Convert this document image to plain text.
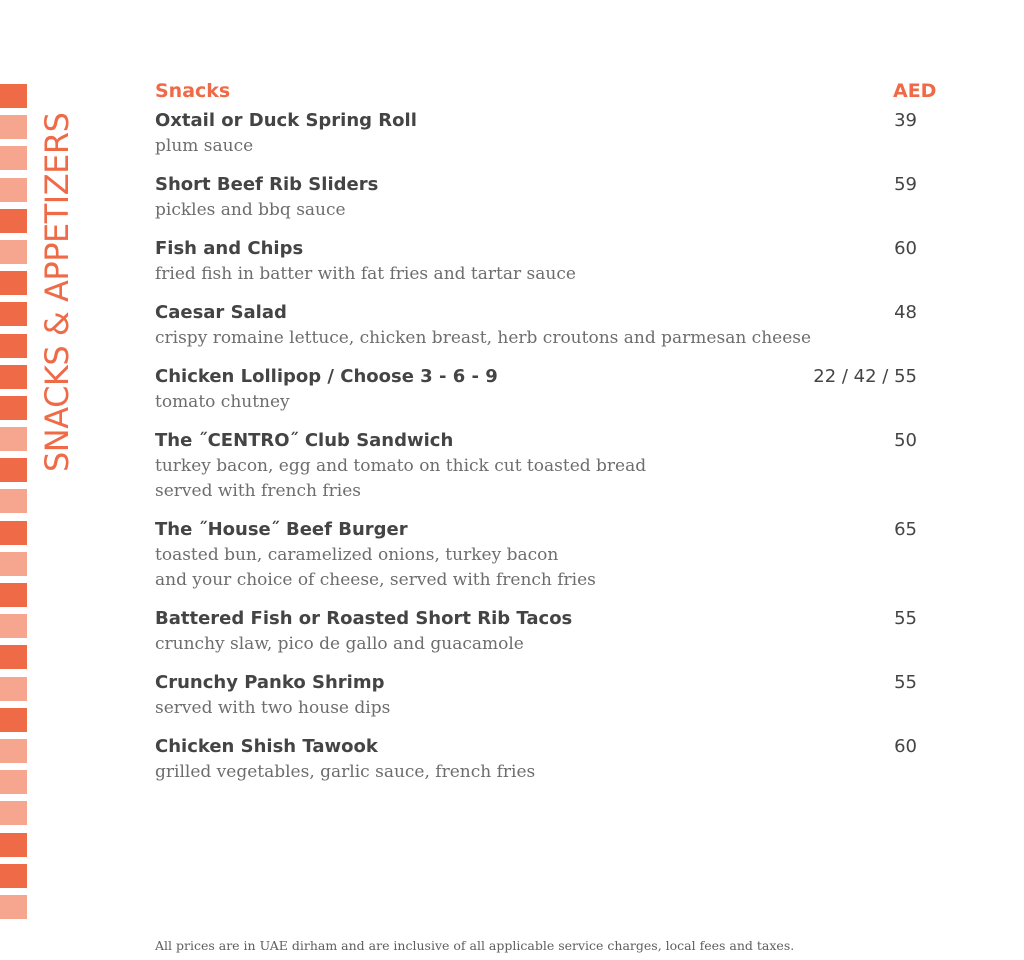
SNACKS & APPETIZERS
Snacks	AED
Oxtail or Duck Spring Roll
plum sauce
39
Short Beef Rib Sliders
pickles and bbq sauce
59
Fish and Chips
fried fish in batter with fat fries and tartar sauce
60
Caesar Salad
crispy romaine lettuce, chicken breast, herb croutons and parmesan cheese
48
Chicken Lollipop / Choose 3 - 6 - 9
tomato chutney
22 / 42 / 55
The ˝CENTRO˝ Club Sandwich
turkey bacon, egg and tomato on thick cut toasted bread
served with french fries
50
The ˝House˝ Beef Burger
toasted bun, caramelized onions, turkey bacon
and your choice of cheese, served with french fries
65
Battered Fish or Roasted Short Rib Tacos
crunchy slaw, pico de gallo and guacamole
55
Crunchy Panko Shrimp
served with two house dips
55
Chicken Shish Tawook
grilled vegetables, garlic sauce, french fries
60
All prices are in UAE dirham and are inclusive of all applicable service charges, local fees and taxes.
